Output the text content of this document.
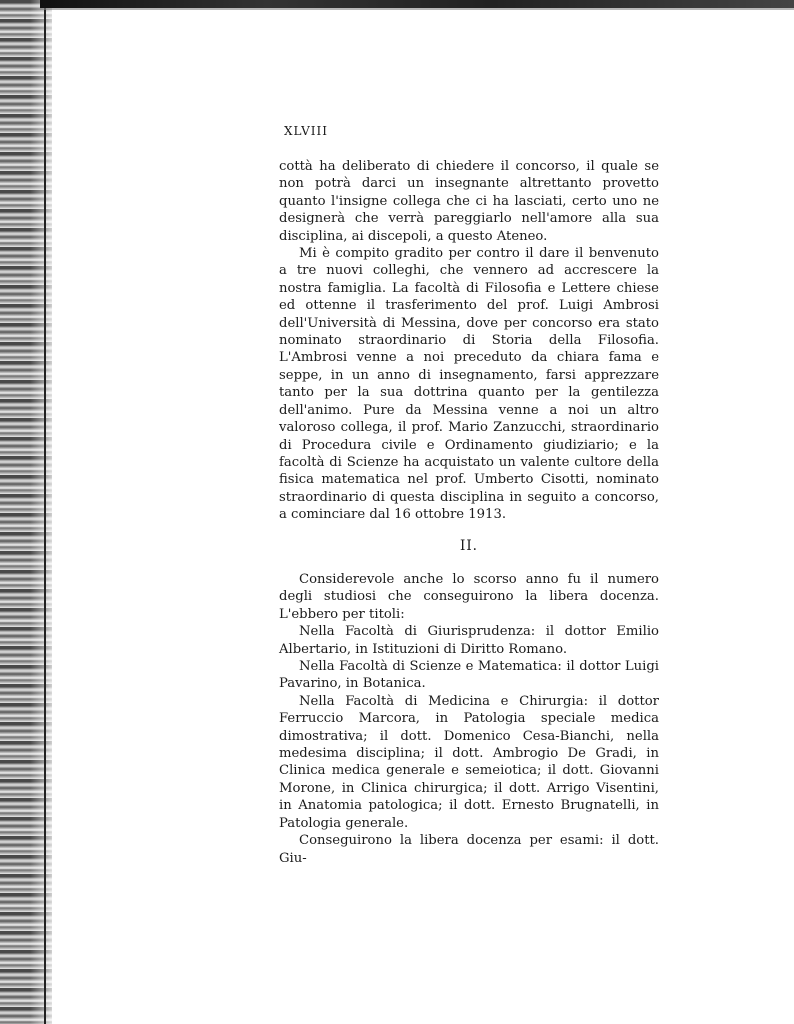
XLVIII

cottà ha deliberato di chiedere il concorso, il quale se non potrà darci un insegnante altrettanto provetto quanto l'insigne collega che ci ha lasciati, certo uno ne designerà che verrà pareggiarlo nell'amore alla sua disciplina, ai discepoli, a questo Ateneo.

Mi è compito gradito per contro il dare il benvenuto a tre nuovi colleghi, che vennero ad accrescere la nostra famiglia. La facoltà di Filosofia e Lettere chiese ed ottenne il trasferimento del prof. Luigi Ambrosi dell'Università di Messina, dove per concorso era stato nominato straordinario di Storia della Filosofia. L'Ambrosi venne a noi preceduto da chiara fama e seppe, in un anno di insegnamento, farsi apprezzare tanto per la sua dottrina quanto per la gentilezza dell'animo. Pure da Messina venne a noi un altro valoroso collega, il prof. Mario Zanzucchi, straordinario di Procedura civile e Ordinamento giudiziario; e la facoltà di Scienze ha acquistato un valente cultore della fisica matematica nel prof. Umberto Cisotti, nominato straordinario di questa disciplina in seguito a concorso, a cominciare dal 16 ottobre 1913.

II.

Considerevole anche lo scorso anno fu il numero degli studiosi che conseguirono la libera docenza. L'ebbero per titoli:

Nella Facoltà di Giurisprudenza: il dottor Emilio Albertario, in Istituzioni di Diritto Romano.

Nella Facoltà di Scienze e Matematica: il dottor Luigi Pavarino, in Botanica.

Nella Facoltà di Medicina e Chirurgia: il dottor Ferruccio Marcora, in Patologia speciale medica dimostrativa; il dott. Domenico Cesa-Bianchi, nella medesima disciplina; il dott. Ambrogio De Gradi, in Clinica medica generale e semeiotica; il dott. Giovanni Morone, in Clinica chirurgica; il dott. Arrigo Visentini, in Anatomia patologica; il dott. Ernesto Brugnatelli, in Patologia generale.

Conseguirono la libera docenza per esami: il dott. Giu-
